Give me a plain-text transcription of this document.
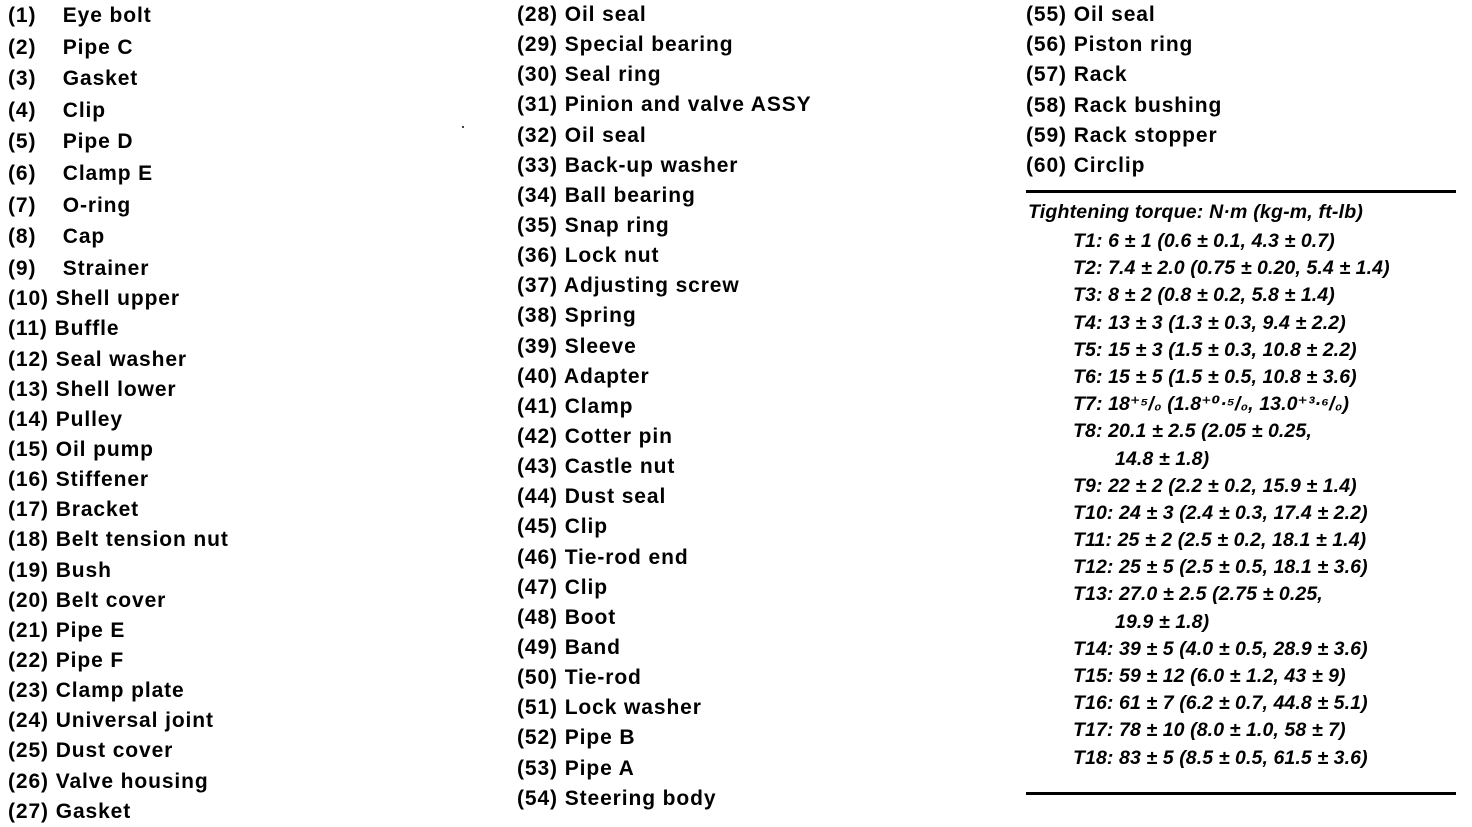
(1) Eye bolt
(2) Pipe C
(3) Gasket
(4) Clip
(5) Pipe D
(6) Clamp E
(7) O-ring
(8) Cap
(9) Strainer
(10) Shell upper
(11) Buffle
(12) Seal washer
(13) Shell lower
(14) Pulley
(15) Oil pump
(16) Stiffener
(17) Bracket
(18) Belt tension nut
(19) Bush
(20) Belt cover
(21) Pipe E
(22) Pipe F
(23) Clamp plate
(24) Universal joint
(25) Dust cover
(26) Valve housing
(27) Gasket
(28) Oil seal
(29) Special bearing
(30) Seal ring
(31) Pinion and valve ASSY
(32) Oil seal
(33) Back-up washer
(34) Ball bearing
(35) Snap ring
(36) Lock nut
(37) Adjusting screw
(38) Spring
(39) Sleeve
(40) Adapter
(41) Clamp
(42) Cotter pin
(43) Castle nut
(44) Dust seal
(45) Clip
(46) Tie-rod end
(47) Clip
(48) Boot
(49) Band
(50) Tie-rod
(51) Lock washer
(52) Pipe B
(53) Pipe A
(54) Steering body
(55) Oil seal
(56) Piston ring
(57) Rack
(58) Rack bushing
(59) Rack stopper
(60) Circlip
Tightening torque: N·m (kg-m, ft-lb)
T1: 6 ± 1 (0.6 ± 0.1, 4.3 ± 0.7)
T2: 7.4 ± 2.0 (0.75 ± 0.20, 5.4 ± 1.4)
T3: 8 ± 2 (0.8 ± 0.2, 5.8 ± 1.4)
T4: 13 ± 3 (1.3 ± 0.3, 9.4 ± 2.2)
T5: 15 ± 3 (1.5 ± 0.3, 10.8 ± 2.2)
T6: 15 ± 5 (1.5 ± 0.5, 10.8 ± 3.6)
T7: 18⁺⁵/₀ (1.8⁺⁰·⁵/₀, 13.0⁺³·⁶/₀)
T8: 20.1 ± 2.5 (2.05 ± 0.25,
14.8 ± 1.8)
T9: 22 ± 2 (2.2 ± 0.2, 15.9 ± 1.4)
T10: 24 ± 3 (2.4 ± 0.3, 17.4 ± 2.2)
T11: 25 ± 2 (2.5 ± 0.2, 18.1 ± 1.4)
T12: 25 ± 5 (2.5 ± 0.5, 18.1 ± 3.6)
T13: 27.0 ± 2.5 (2.75 ± 0.25,
19.9 ± 1.8)
T14: 39 ± 5 (4.0 ± 0.5, 28.9 ± 3.6)
T15: 59 ± 12 (6.0 ± 1.2, 43 ± 9)
T16: 61 ± 7 (6.2 ± 0.7, 44.8 ± 5.1)
T17: 78 ± 10 (8.0 ± 1.0, 58 ± 7)
T18: 83 ± 5 (8.5 ± 0.5, 61.5 ± 3.6)
